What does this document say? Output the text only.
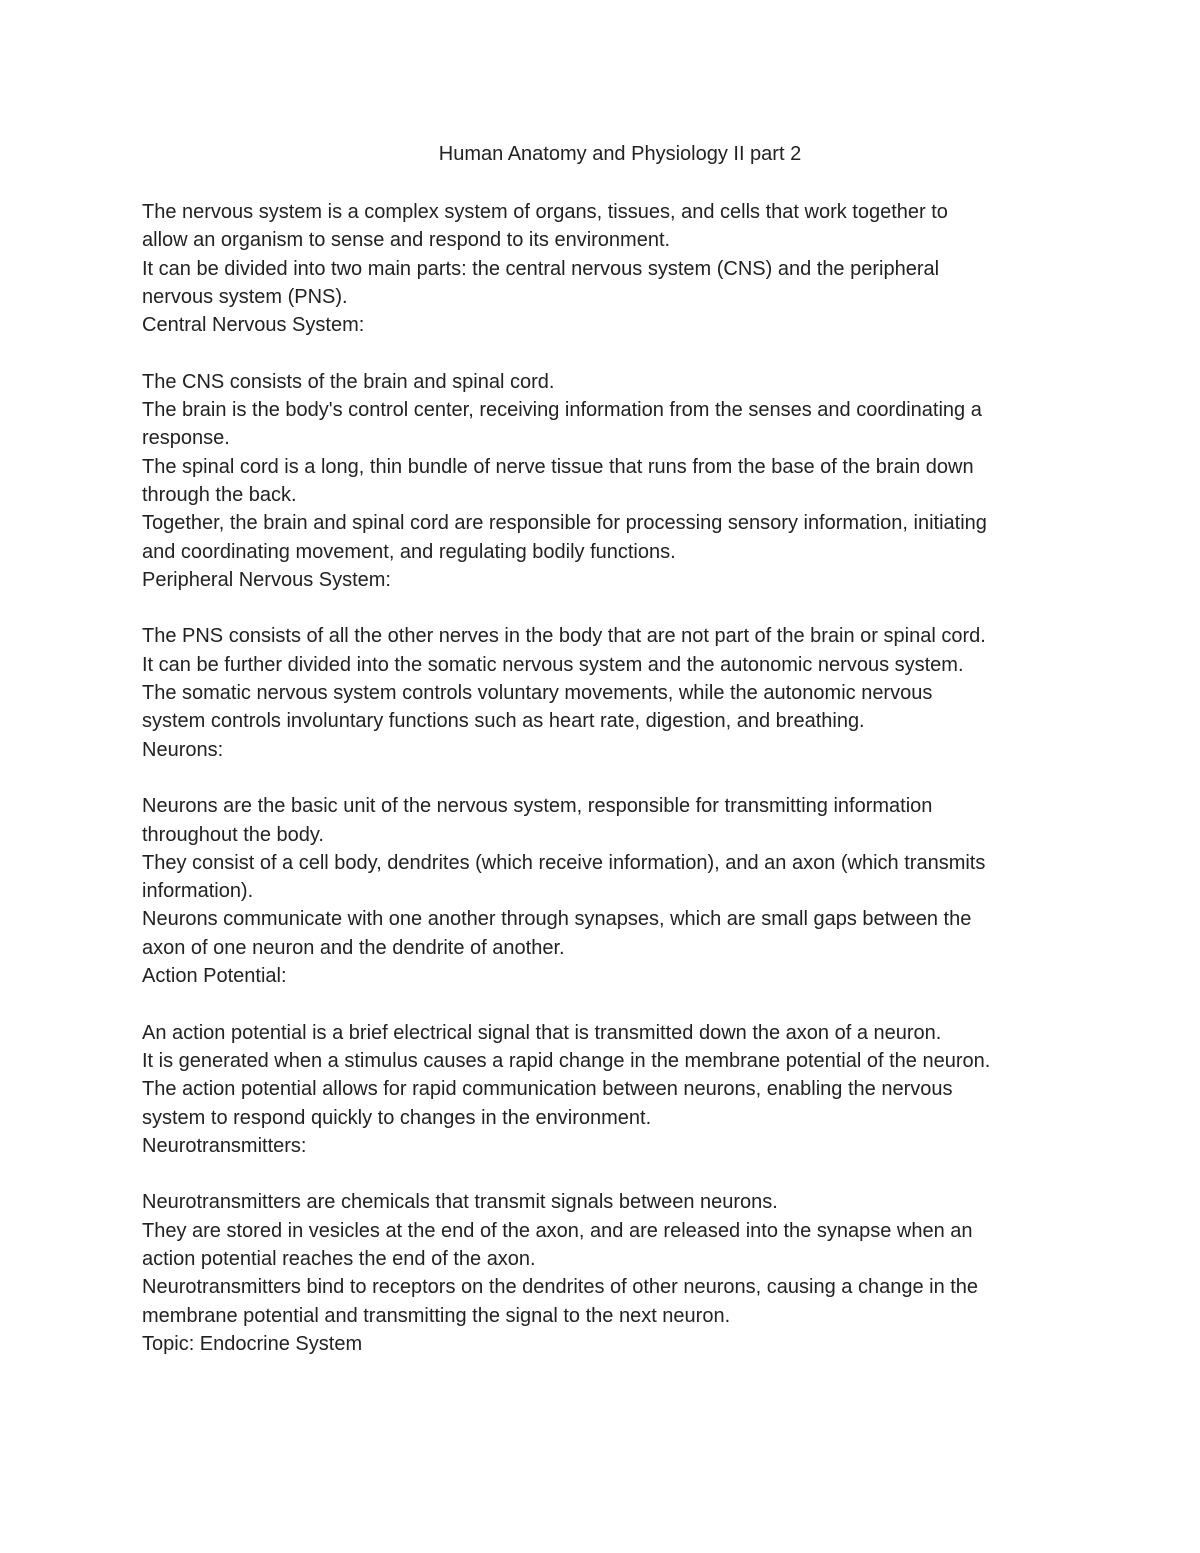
Human Anatomy and Physiology II part 2
The nervous system is a complex system of organs, tissues, and cells that work together to
allow an organism to sense and respond to its environment.
It can be divided into two main parts: the central nervous system (CNS) and the peripheral
nervous system (PNS).
Central Nervous System:
The CNS consists of the brain and spinal cord.
The brain is the body's control center, receiving information from the senses and coordinating a
response.
The spinal cord is a long, thin bundle of nerve tissue that runs from the base of the brain down
through the back.
Together, the brain and spinal cord are responsible for processing sensory information, initiating
and coordinating movement, and regulating bodily functions.
Peripheral Nervous System:
The PNS consists of all the other nerves in the body that are not part of the brain or spinal cord.
It can be further divided into the somatic nervous system and the autonomic nervous system.
The somatic nervous system controls voluntary movements, while the autonomic nervous
system controls involuntary functions such as heart rate, digestion, and breathing.
Neurons:
Neurons are the basic unit of the nervous system, responsible for transmitting information
throughout the body.
They consist of a cell body, dendrites (which receive information), and an axon (which transmits
information).
Neurons communicate with one another through synapses, which are small gaps between the
axon of one neuron and the dendrite of another.
Action Potential:
An action potential is a brief electrical signal that is transmitted down the axon of a neuron.
It is generated when a stimulus causes a rapid change in the membrane potential of the neuron.
The action potential allows for rapid communication between neurons, enabling the nervous
system to respond quickly to changes in the environment.
Neurotransmitters:
Neurotransmitters are chemicals that transmit signals between neurons.
They are stored in vesicles at the end of the axon, and are released into the synapse when an
action potential reaches the end of the axon.
Neurotransmitters bind to receptors on the dendrites of other neurons, causing a change in the
membrane potential and transmitting the signal to the next neuron.
Topic: Endocrine System
